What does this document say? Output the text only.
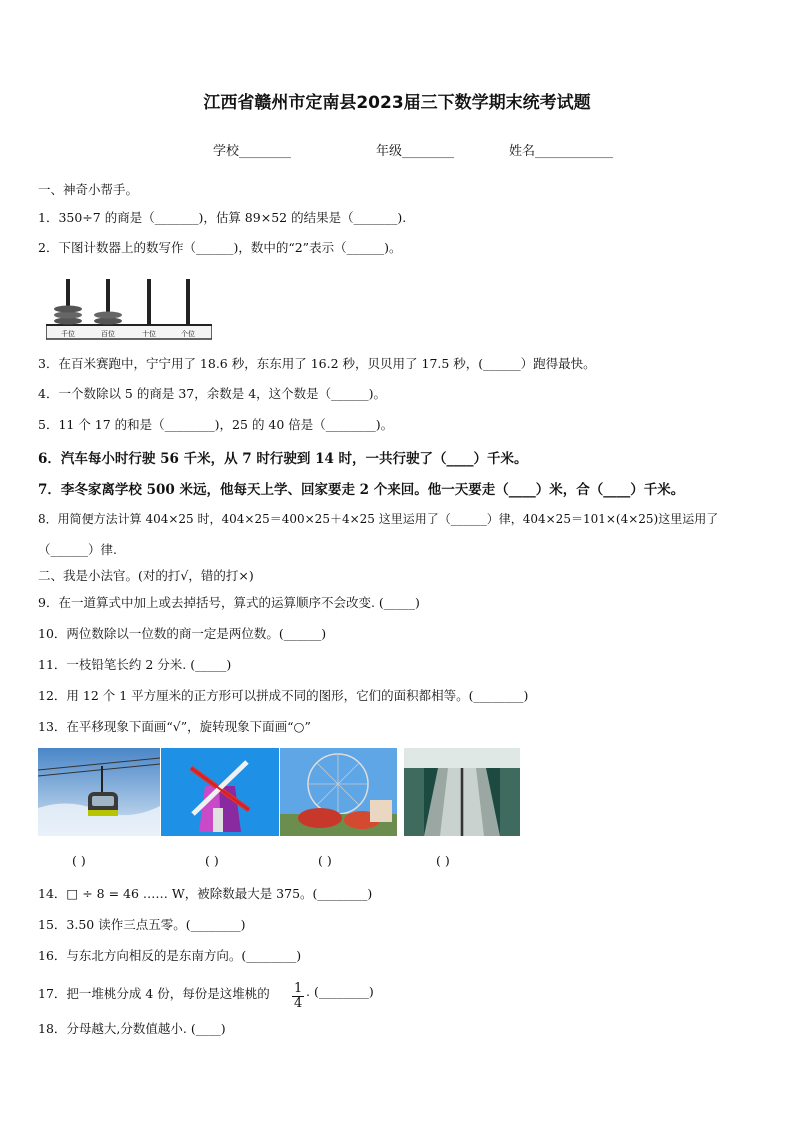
江西省赣州市定南县2023届三下数学期末统考试题
学校________	年级________	姓名____________
一、神奇小帮手。
1．350÷7 的商是（_______)，估算 89×52 的结果是（_______).
2．下图计数器上的数写作（______)，数中的“2”表示（______)。
千位	百位	十位	个位
3．在百米赛跑中，宁宁用了 18.6 秒，东东用了 16.2 秒，贝贝用了 17.5 秒，(______）跑得最快。
4．一个数除以 5 的商是 37，余数是 4，这个数是（______)。
5．11 个 17 的和是（________)，25 的 40 倍是（________)。
6．汽车每小时行驶 56 千米，从 7 时行驶到 14 时，一共行驶了（____）千米。
7．李冬家离学校 500 米远，他每天上学、回家要走 2 个来回。他一天要走（____）米，合（____）千米。
8．用简便方法计算 404×25 时，404×25＝400×25＋4×25 这里运用了（______）律，404×25＝101×(4×25)这里运用了
（______）律.
二、我是小法官。(对的打√，错的打×)
9．在一道算式中加上或去掉括号，算式的运算顺序不会改变. (_____)
10．两位数除以一位数的商一定是两位数。(______)
11．一枝铅笔长约 2 分米. (_____)
12．用 12 个 1 平方厘米的正方形可以拼成不同的图形，它们的面积都相等。(________)
13．在平移现象下面画“√”，旋转现象下面画“○”
( )	( )	( )	( )
14．□ ÷ 8 = 46 …… W，被除数最大是 375。(________)
15．3.50 读作三点五零。(________)
16．与东北方向相反的是东南方向。(________)
17．把一堆桃分成 4 份，每份是这堆桃的 $\frac{1}{4}$ . (________)
18．分母越大,分数值越小. (____)
